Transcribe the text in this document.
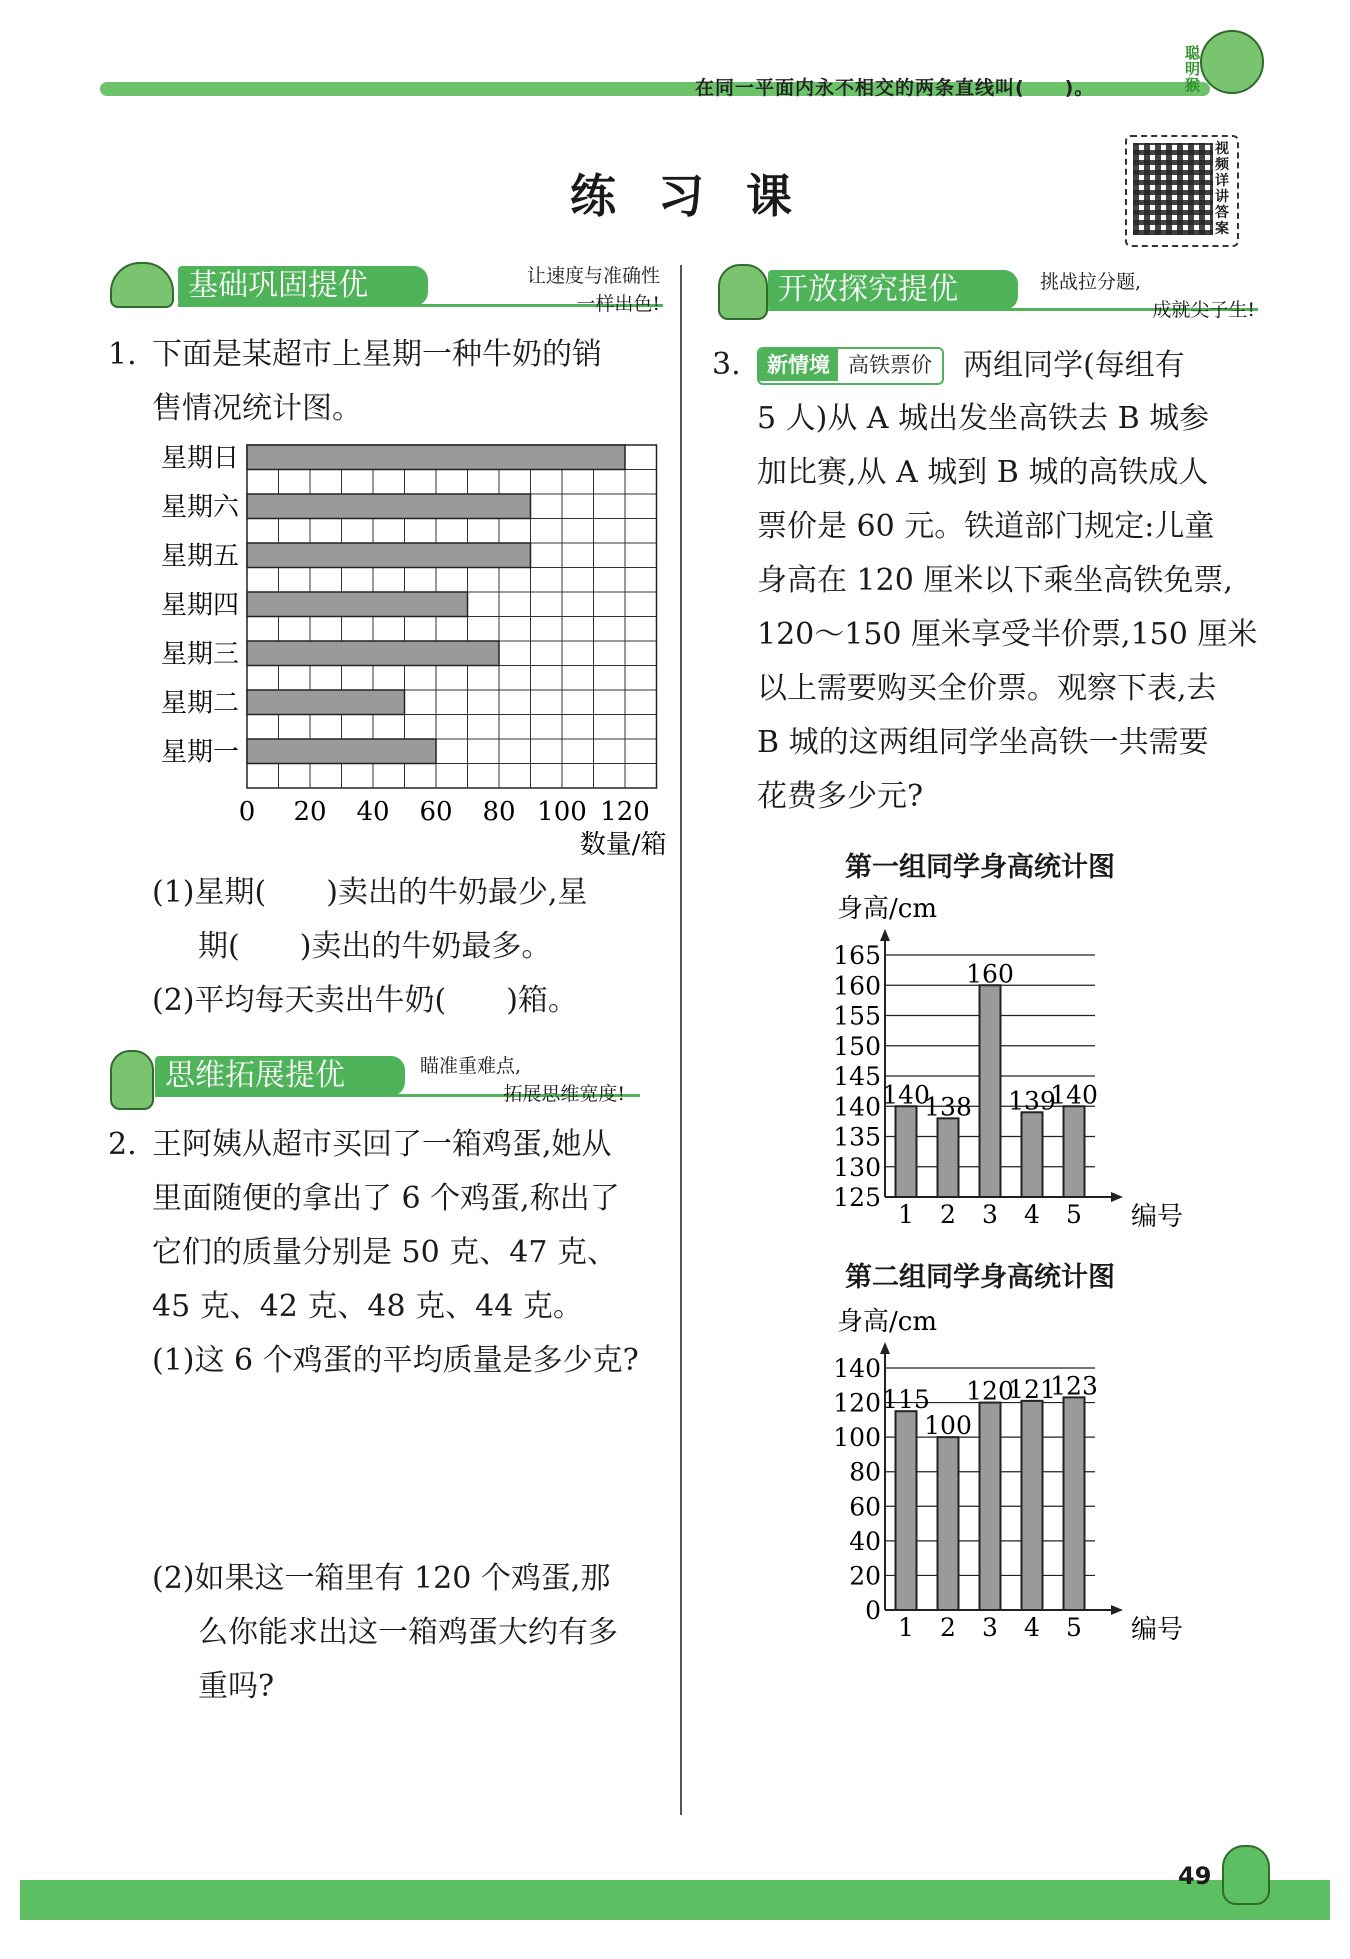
在同一平面内永不相交的两条直线叫(　　)。
聪明猴
练习课
视频详讲答案
基础巩固提优	让速度与准确性
一样出色!
1. 下面是某超市上星期一种牛奶的销
售情况统计图。
星期日
星期六
星期五
星期四
星期三
星期二
星期一
0 20 40 60 80 100 120
数量/箱
(1)星期(　　)卖出的牛奶最少,星
期(　　)卖出的牛奶最多。
(2)平均每天卖出牛奶(　　)箱。
思维拓展提优	瞄准重难点,
拓展思维宽度!
2. 王阿姨从超市买回了一箱鸡蛋,她从
里面随便的拿出了 6 个鸡蛋,称出了
它们的质量分别是 50 克、47 克、
45 克、42 克、48 克、44 克。
(1)这 6 个鸡蛋的平均质量是多少克?
(2)如果这一箱里有 120 个鸡蛋,那
么你能求出这一箱鸡蛋大约有多
重吗?
开放探究提优	挑战拉分题,
成就尖子生!
3.	新情境 高铁票价 两组同学(每组有
5 人)从 A 城出发坐高铁去 B 城参
加比赛,从 A 城到 B 城的高铁成人
票价是 60 元。铁道部门规定:儿童
身高在 120 厘米以下乘坐高铁免票,
120～150 厘米享受半价票,150 厘米
以上需要购买全价票。观察下表,去
B 城的这两组同学坐高铁一共需要
花费多少元?
第一组同学身高统计图
125
130
135
140
145
150
155
160
165
身高/cm
编号
140
1
138
2
160
3
139
4
140
5
第二组同学身高统计图
0
20
40
60
80
100
120
140
身高/cm
编号
115
1
100
2
120
3
121
4
123
5
49
